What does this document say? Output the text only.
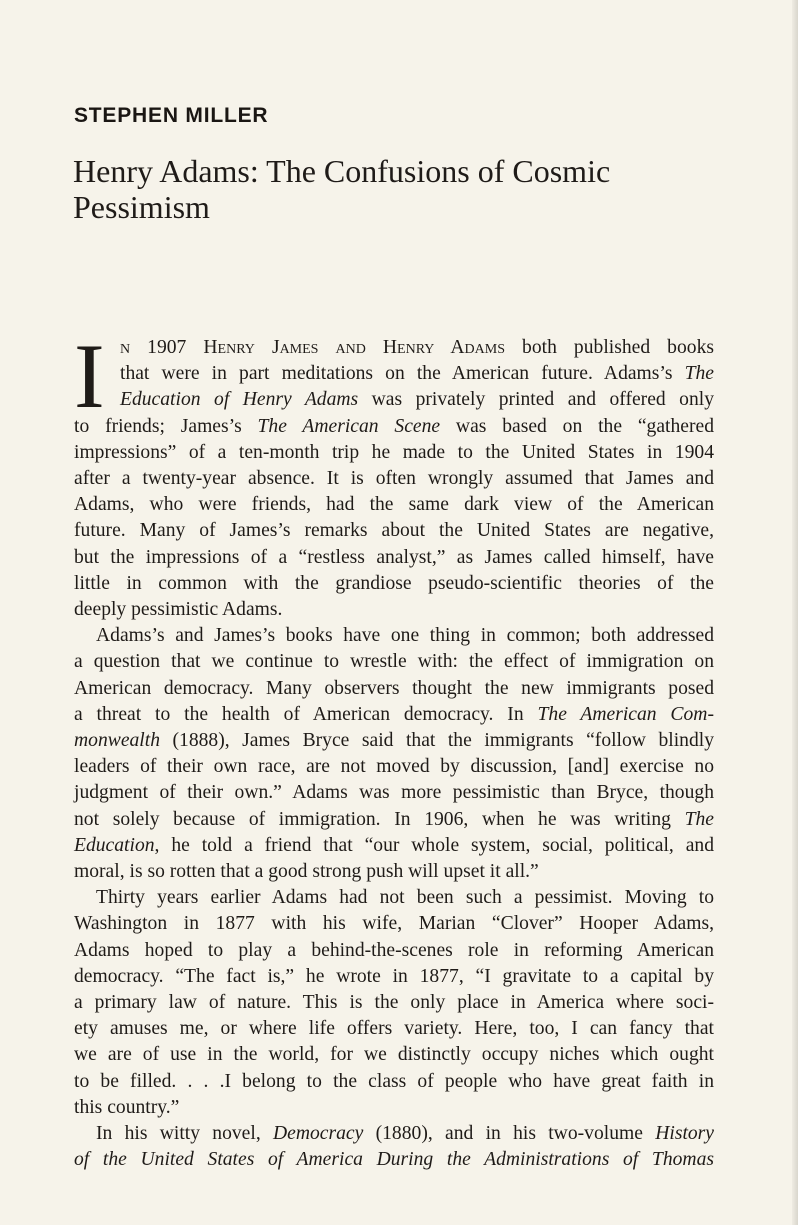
STEPHEN MILLER
Henry Adams: The Confusions of Cosmic Pessimism

I n 1907 Henry James and Henry Adams both published books
that were in part meditations on the American future. Adams’s The
Education of Henry Adams was privately printed and offered only
to friends; James’s The American Scene was based on the “gathered
impressions” of a ten-month trip he made to the United States in 1904
after a twenty-year absence. It is often wrongly assumed that James and
Adams, who were friends, had the same dark view of the American
future. Many of James’s remarks about the United States are negative,
but the impressions of a “restless analyst,” as James called himself, have
little in common with the grandiose pseudo-scientific theories of the
deeply pessimistic Adams.

Adams’s and James’s books have one thing in common; both addressed
a question that we continue to wrestle with: the effect of immigration on
American democracy. Many observers thought the new immigrants posed
a threat to the health of American democracy. In The American Com-
monwealth (1888), James Bryce said that the immigrants “follow blindly
leaders of their own race, are not moved by discussion, [and] exercise no
judgment of their own.” Adams was more pessimistic than Bryce, though
not solely because of immigration. In 1906, when he was writing The
Education, he told a friend that “our whole system, social, political, and
moral, is so rotten that a good strong push will upset it all.”

Thirty years earlier Adams had not been such a pessimist. Moving to
Washington in 1877 with his wife, Marian “Clover” Hooper Adams,
Adams hoped to play a behind-the-scenes role in reforming American
democracy. “The fact is,” he wrote in 1877, “I gravitate to a capital by
a primary law of nature. This is the only place in America where soci-
ety amuses me, or where life offers variety. Here, too, I can fancy that
we are of use in the world, for we distinctly occupy niches which ought
to be filled. . . .I belong to the class of people who have great faith in
this country.”

In his witty novel, Democracy (1880), and in his two-volume History
of the United States of America During the Administrations of Thomas
